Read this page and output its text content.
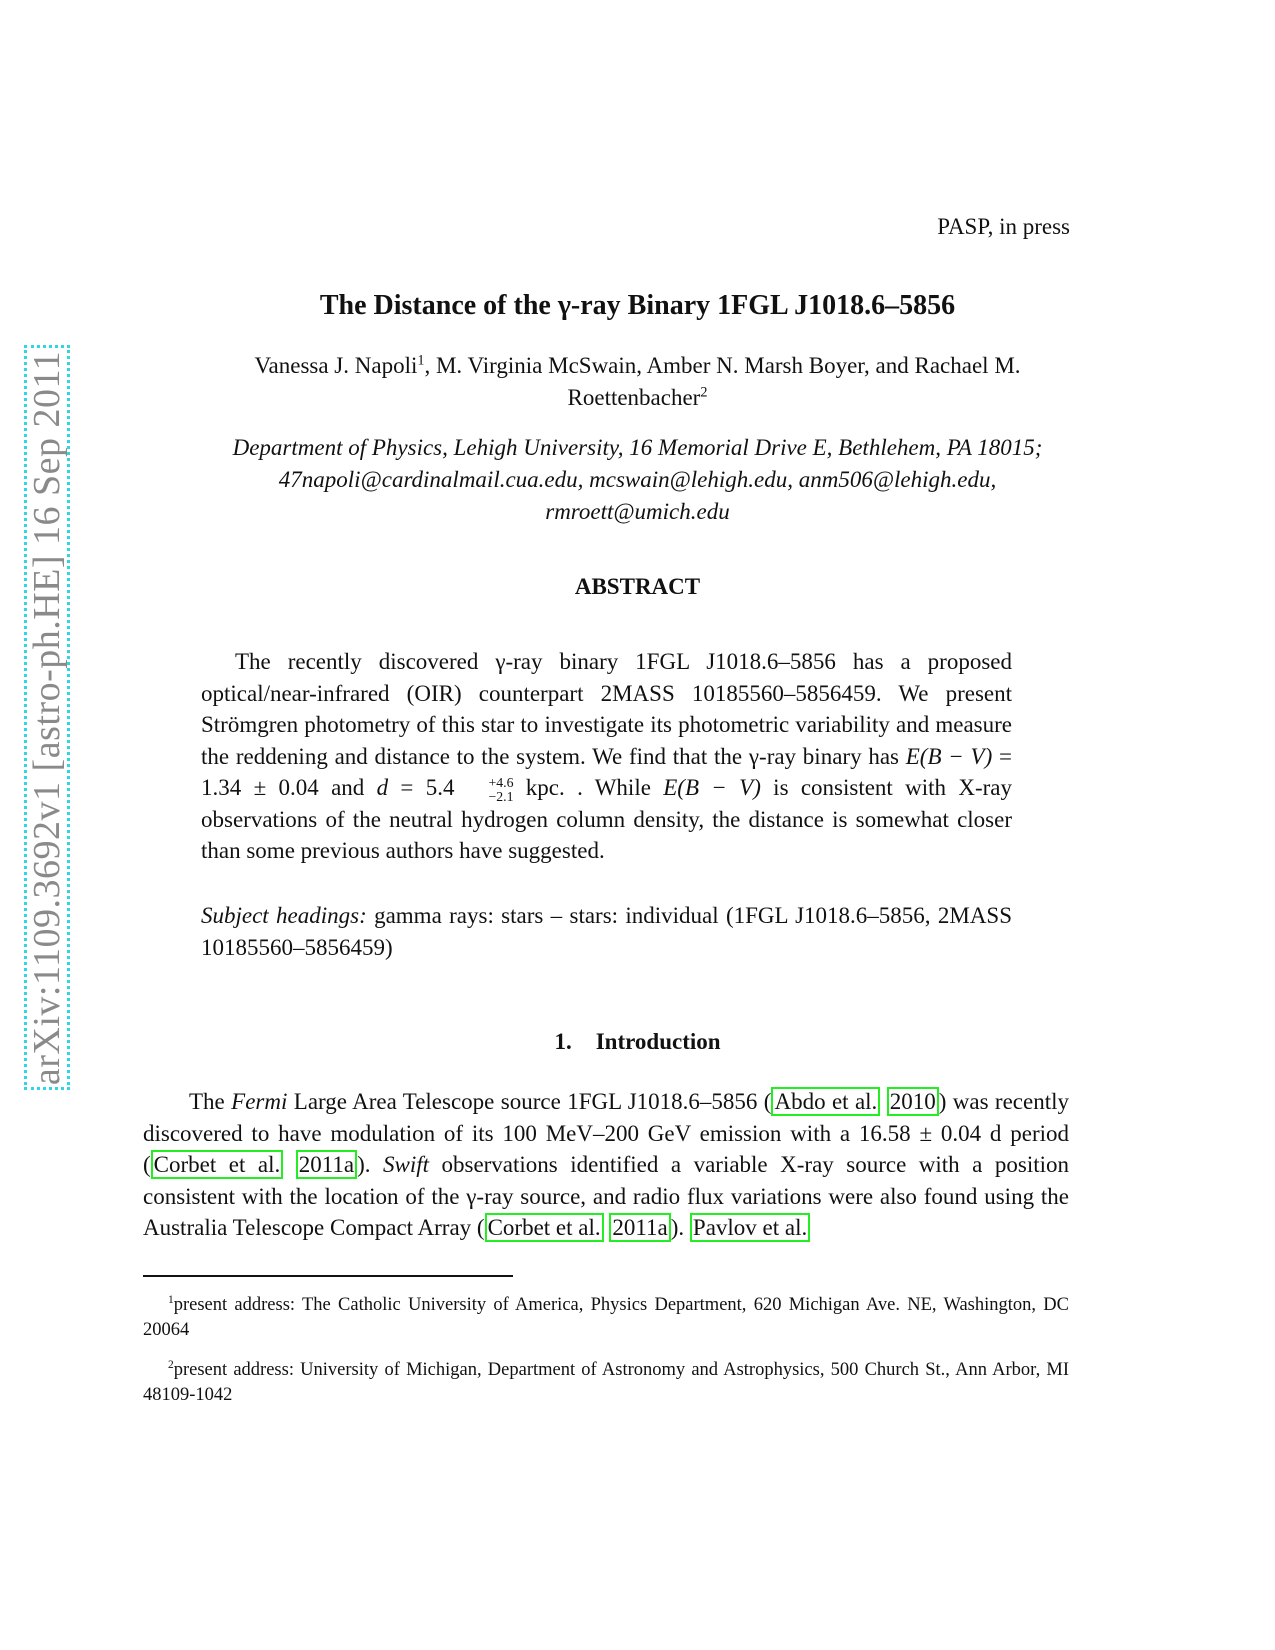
arXiv:1109.3692v1 [astro-ph.HE] 16 Sep 2011
PASP, in press
The Distance of the γ-ray Binary 1FGL J1018.6–5856
Vanessa J. Napoli$^1$, M. Virginia McSwain, Amber N. Marsh Boyer, and Rachael M.
Roettenbacher$^2$
Department of Physics, Lehigh University, 16 Memorial Drive E, Bethlehem, PA 18015;
47napoli@cardinalmail.cua.edu, mcswain@lehigh.edu, anm506@lehigh.edu,
rmroett@umich.edu
ABSTRACT

The recently discovered γ-ray binary 1FGL J1018.6–5856 has a proposed optical/near-infrared (OIR) counterpart 2MASS 10185560–5856459. We present Strömgren photometry of this star to investigate its photometric variability and measure the reddening and distance to the system. We find that the γ-ray binary has E(B − V) = 1.34 ± 0.04 and d = 5.4	+4.6
−2.1 kpc. . While E(B − V) is consistent with X-ray observations of the neutral hydrogen column density, the distance is somewhat closer than some previous authors have suggested.

Subject headings: gamma rays: stars – stars: individual (1FGL J1018.6–5856, 2MASS 10185560–5856459)
1. Introduction

The Fermi Large Area Telescope source 1FGL J1018.6–5856 ( Abdo et al. 2010 ) was recently discovered to have modulation of its 100 MeV–200 GeV emission with a 16.58 ± 0.04 d period ( Corbet et al. 2011a ). Swift observations identified a variable X-ray source with a position consistent with the location of the γ-ray source, and radio flux variations were also found using the Australia Telescope Compact Array ( Corbet et al. 2011a ). Pavlov et al.

$^1$present address: The Catholic University of America, Physics Department, 620 Michigan Ave. NE, Washington, DC 20064

$^2$present address: University of Michigan, Department of Astronomy and Astrophysics, 500 Church St., Ann Arbor, MI 48109-1042
